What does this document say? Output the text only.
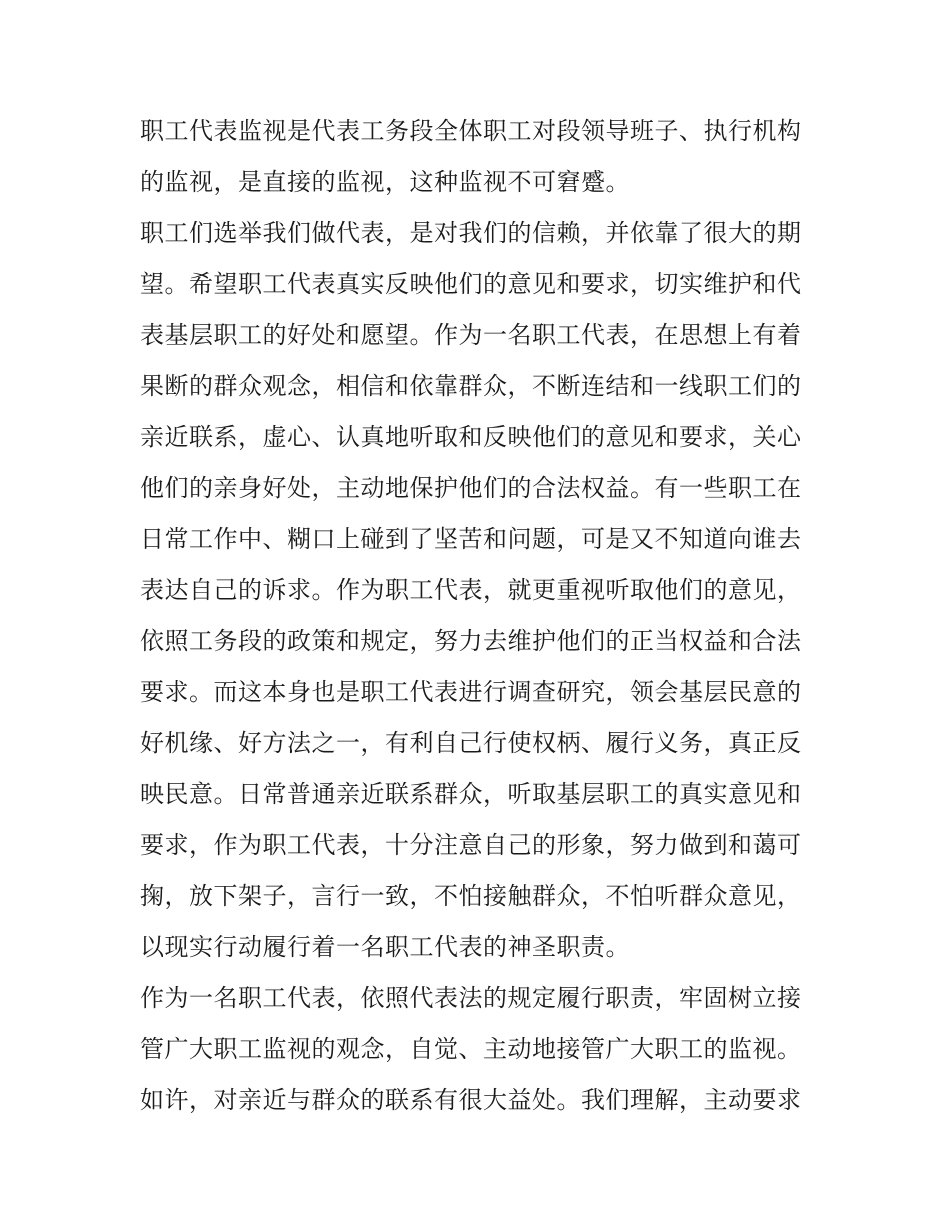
职工代表监视是代表工务段全体职工对段领导班子、执行机构
的监视，是直接的监视，这种监视不可窘蹙。
职工们选举我们做代表，是对我们的信赖，并依靠了很大的期
望。希望职工代表真实反映他们的意见和要求，切实维护和代
表基层职工的好处和愿望。作为一名职工代表，在思想上有着
果断的群众观念，相信和依靠群众，不断连结和一线职工们的
亲近联系，虚心、认真地听取和反映他们的意见和要求，关心
他们的亲身好处，主动地保护他们的合法权益。有一些职工在
日常工作中、糊口上碰到了坚苦和问题，可是又不知道向谁去
表达自己的诉求。作为职工代表，就更重视听取他们的意见，
依照工务段的政策和规定，努力去维护他们的正当权益和合法
要求。而这本身也是职工代表进行调查研究，领会基层民意的
好机缘、好方法之一，有利自己行使权柄、履行义务，真正反
映民意。日常普通亲近联系群众，听取基层职工的真实意见和
要求，作为职工代表，十分注意自己的形象，努力做到和蔼可
掬，放下架子，言行一致，不怕接触群众，不怕听群众意见，
以现实行动履行着一名职工代表的神圣职责。
作为一名职工代表，依照代表法的规定履行职责，牢固树立接
管广大职工监视的观念，自觉、主动地接管广大职工的监视。
如许，对亲近与群众的联系有很大益处。我们理解，主动要求
